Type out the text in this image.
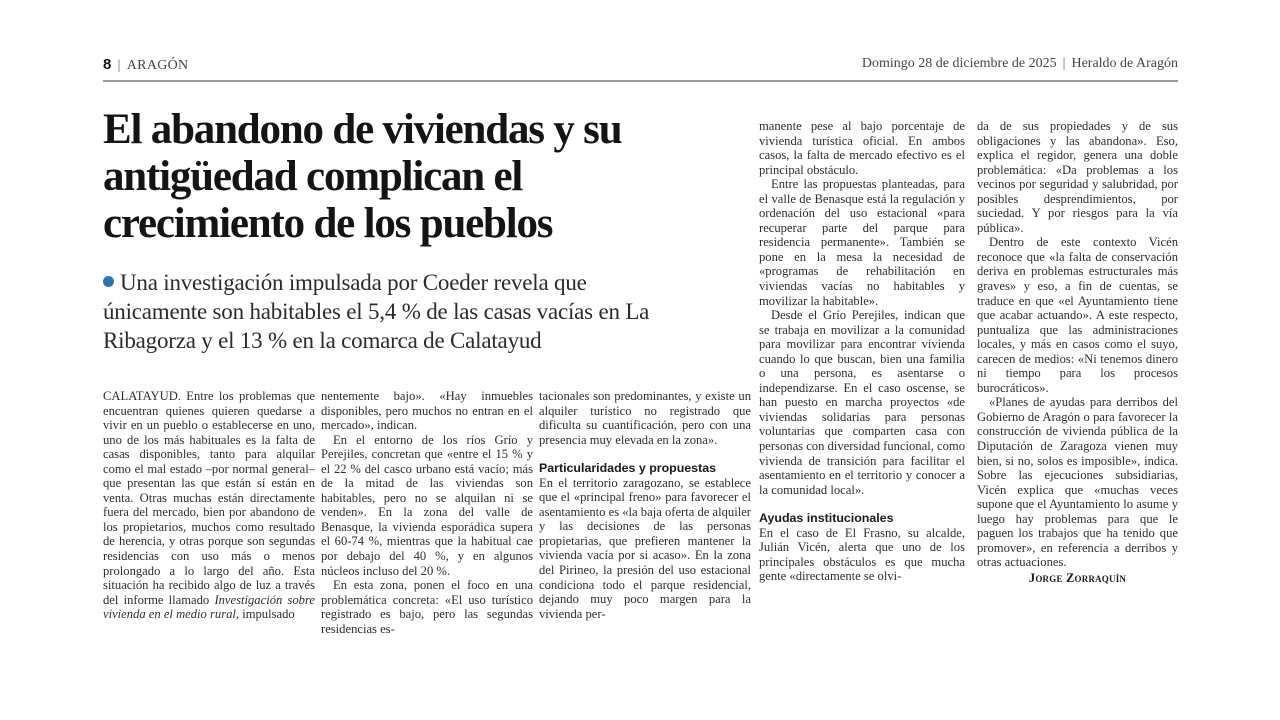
8 | ARAGÓN	Domingo 28 de diciembre de 2025 | Heraldo de Aragón
El abandono de viviendas y su antigüedad complican el crecimiento de los pueblos
Una investigación impulsada por Coeder revela que únicamente son habitables el 5,4 % de las casas vacías en La Ribagorza y el 13 % en la comarca de Calatayud

CALATAYUD. Entre los problemas que encuentran quienes quieren quedarse a vivir en un pueblo o establecerse en uno, uno de los más habituales es la falta de casas disponibles, tanto para alquilar como el mal estado –por normal general– que presentan las que están sí están en venta. Otras muchas están directamente fuera del mercado, bien por abandono de los propietarios, muchos como resultado de herencia, y otras porque son segundas residencias con uso más o menos prolongado a lo largo del año. Esta situación ha recibido algo de luz a través del informe llamado Investigación sobre vivienda en el medio rural, impulsado

nentemente bajo». «Hay inmuebles disponibles, pero muchos no entran en el mercado», indican.

En el entorno de los ríos Grío y Perejiles, concretan que «entre el 15 % y el 22 % del casco urbano está vacío; más de la mitad de las viviendas son habitables, pero no se alquilan ni se venden». En la zona del valle de Benasque, la vivienda esporádica supera el 60-74 %, mientras que la habitual cae por debajo del 40 %, y en algunos núcleos incluso del 20 %.

En esta zona, ponen el foco en una problemática concreta: «El uso turístico registrado es bajo, pero las segundas residencias es-

tacionales son predominantes, y existe un alquiler turístico no registrado que dificulta su cuantificación, pero con una presencia muy elevada en la zona».

Particularidades y propuestas

En el territorio zaragozano, se establece que el «principal freno» para favorecer el asentamiento es «la baja oferta de alquiler y las decisiones de las personas propietarias, que prefieren mantener la vivienda vacía por si acaso». En la zona del Pirineo, la presión del uso estacional condiciona todo el parque residencial, dejando muy poco margen para la vivienda per-

manente pese al bajo porcentaje de vivienda turística oficial. En ambos casos, la falta de mercado efectivo es el principal obstáculo.

Entre las propuestas planteadas, para el valle de Benasque está la regulación y ordenación del uso estacional «para recuperar parte del parque para residencia permanente». También se pone en la mesa la necesidad de «programas de rehabilitación en viviendas vacías no habitables y movilizar la habitable».

Desde el Grío Perejiles, indican que se trabaja en movilizar a la comunidad para movilizar para encontrar vivienda cuando lo que buscan, bien una familia o una persona, es asentarse o independizarse. En el caso oscense, se han puesto en marcha proyectos «de viviendas solidarias para personas voluntarias que comparten casa con personas con diversidad funcional, como vivienda de transición para facilitar el asentamiento en el territorio y conocer a la comunidad local».

Ayudas institucionales

En el caso de El Frasno, su alcalde, Julián Vicén, alerta que uno de los principales obstáculos es que mucha gente «directamente se olvi-

da de sus propiedades y de sus obligaciones y las abandona». Eso, explica el regidor, genera una doble problemática: «Da problemas a los vecinos por seguridad y salubridad, por posibles desprendimientos, por suciedad. Y por riesgos para la vía pública».

Dentro de este contexto Vicén reconoce que «la falta de conservación deriva en problemas estructurales más graves» y eso, a fin de cuentas, se traduce en que «el Ayuntamiento tiene que acabar actuando». A este respecto, puntualiza que las administraciones locales, y más en casos como el suyo, carecen de medios: «Ni tenemos dinero ni tiempo para los procesos burocráticos».

«Planes de ayudas para derribos del Gobierno de Aragón o para favorecer la construcción de vivienda pública de la Diputación de Zaragoza vienen muy bien, si no, solos es imposible», indica. Sobre las ejecuciones subsidiarias, Vicén explica que «muchas veces supone que el Ayuntamiento lo asume y luego hay problemas para que le paguen los trabajos que ha tenido que promover», en referencia a derribos y otras actuaciones.

Jorge Zorraquín
